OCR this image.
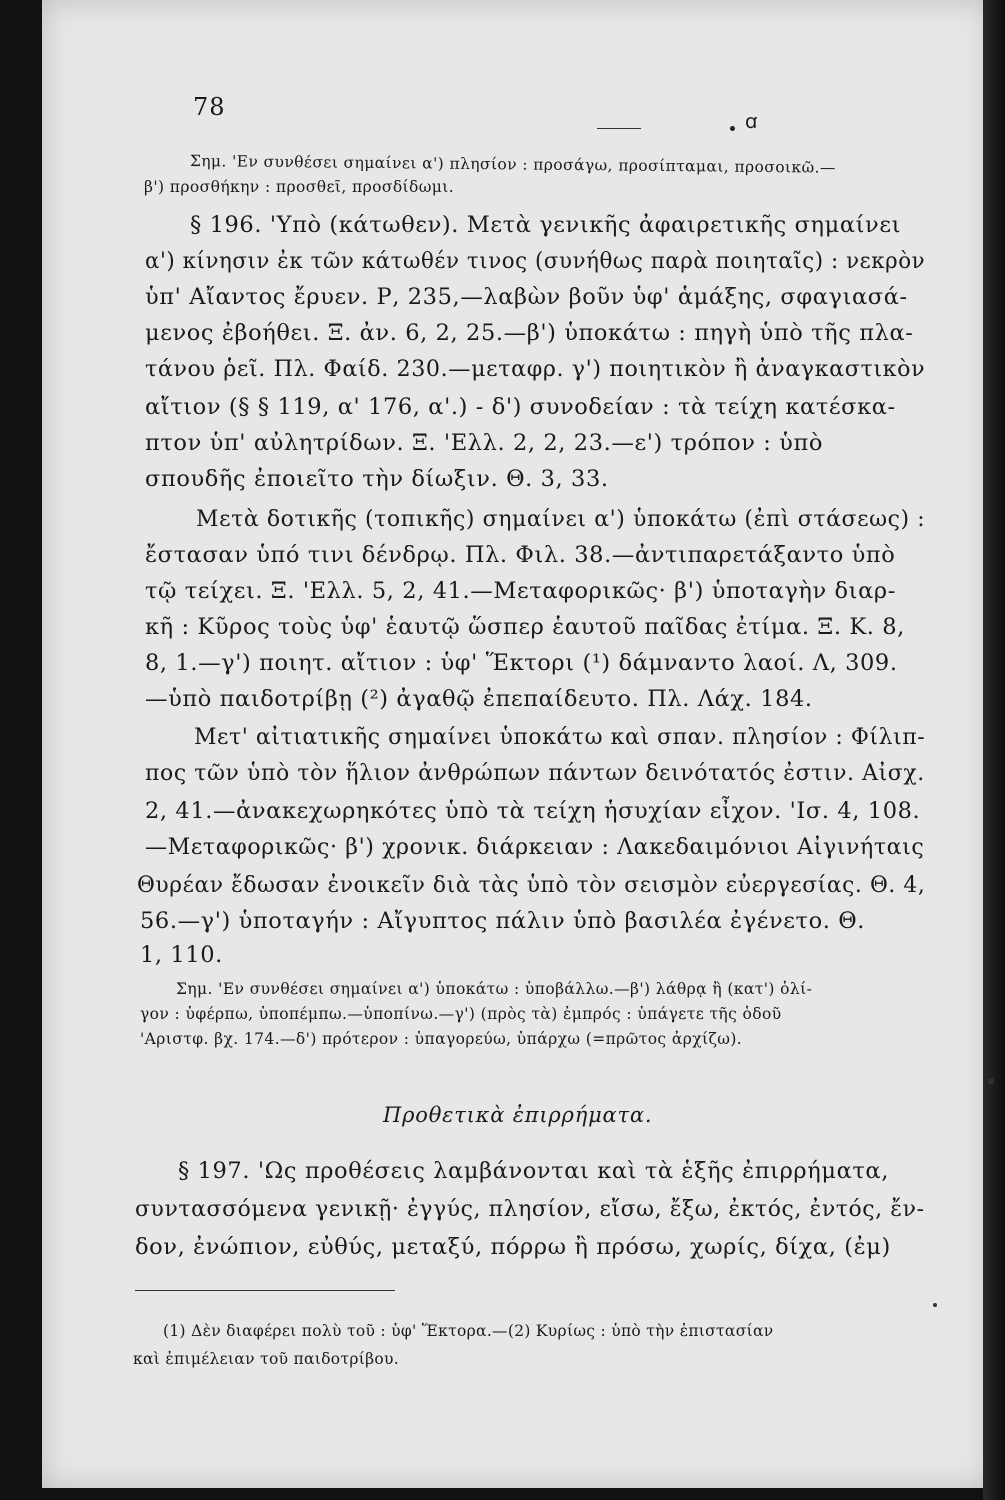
78	ꭤ
Σημ. 'Εν συνθέσει σημαίνει α') πλησίον : προσάγω, προσίπταμαι, προσοικῶ.—
β') προσθήκην : προσθεῖ, προσδίδωμι.
§ 196. 'Υπὸ (κάτωθεν). Μετὰ γενικῆς ἀφαιρετικῆς σημαίνει
α') κίνησιν ἐκ τῶν κάτωθέν τινος (συνήθως παρὰ ποιηταῖς) : νεκρὸν
ὑπ' Αἴαντος ἔρυεν. Ρ, 235,—λαβὼν βοῦν ὑφ' ἁμάξης, σφαγιασά-
μενος ἐβοήθει. Ξ. ἀν. 6, 2, 25.—β') ὑποκάτω : πηγὴ ὑπὸ τῆς πλα-
τάνου ῥεῖ. Πλ. Φαίδ. 230.—μεταφρ. γ') ποιητικὸν ἢ ἀναγκαστικὸν
αἴτιον (§ § 119, α' 176, α'.) - δ') συνοδείαν : τὰ τείχη κατέσκα-
πτον ὑπ' αὐλητρίδων. Ξ. 'Ελλ. 2, 2, 23.—ε') τρόπον : ὑπὸ
σπουδῆς ἐποιεῖτο τὴν δίωξιν. Θ. 3, 33.
Μετὰ δοτικῆς (τοπικῆς) σημαίνει α') ὑποκάτω (ἐπὶ στάσεως) :
ἔστασαν ὑπό τινι δένδρῳ. Πλ. Φιλ. 38.—ἀντιπαρετάξαντο ὑπὸ
τῷ τείχει. Ξ. 'Ελλ. 5, 2, 41.—Μεταφορικῶς· β') ὑποταγὴν διαρ-
κῆ : Κῦρος τοὺς ὑφ' ἑαυτῷ ὥσπερ ἑαυτοῦ παῖδας ἐτίμα. Ξ. Κ. 8,
8, 1.—γ') ποιητ. αἴτιον : ὑφ' Ἕκτορι (¹) δάμναντο λαοί. Λ, 309.
—ὑπὸ παιδοτρίβῃ (²) ἀγαθῷ ἐπεπαίδευτο. Πλ. Λάχ. 184.
Μετ' αἰτιατικῆς σημαίνει ὑποκάτω καὶ σπαν. πλησίον : Φίλιπ-
πος τῶν ὑπὸ τὸν ἥλιον ἀνθρώπων πάντων δεινότατός ἐστιν. Αἰσχ.
2, 41.—ἀνακεχωρηκότες ὑπὸ τὰ τείχη ἡσυχίαν εἶχον. 'Ισ. 4, 108.
—Μεταφορικῶς· β') χρονικ. διάρκειαν : Λακεδαιμόνιοι Αἰγινήταις
Θυρέαν ἔδωσαν ἐνοικεῖν διὰ τὰς ὑπὸ τὸν σεισμὸν εὐεργεσίας. Θ. 4,
56.—γ') ὑποταγήν : Αἴγυπτος πάλιν ὑπὸ βασιλέα ἐγένετο. Θ.
1, 110.
Σημ. 'Εν συνθέσει σημαίνει α') ὑποκάτω : ὑποβάλλω.—β') λάθρᾳ ἢ (κατ') ὀλί-
γον : ὑφέρπω, ὑποπέμπω.—ὑποπίνω.—γ') (πρὸς τὰ) ἐμπρός : ὑπάγετε τῆς ὁδοῦ
'Αριστφ. βχ. 174.—δ') πρότερον : ὑπαγορεύω, ὑπάρχω (=πρῶτος ἀρχίζω).
Προθετικὰ ἐπιρρήματα.
§ 197. 'Ως προθέσεις λαμβάνονται καὶ τὰ ἑξῆς ἐπιρρήματα,
συντασσόμενα γενικῇ· ἐγγύς, πλησίον, εἴσω, ἔξω, ἐκτός, ἐντός, ἔν-
δον, ἐνώπιον, εὐθύς, μεταξύ, πόρρω ἢ πρόσω, χωρίς, δίχα, (ἐμ)
(1) Δὲν διαφέρει πολὺ τοῦ : ὑφ' Ἕκτορα.—(2) Κυρίως : ὑπὸ τὴν ἐπιστασίαν
καὶ ἐπιμέλειαν τοῦ παιδοτρίβου.
